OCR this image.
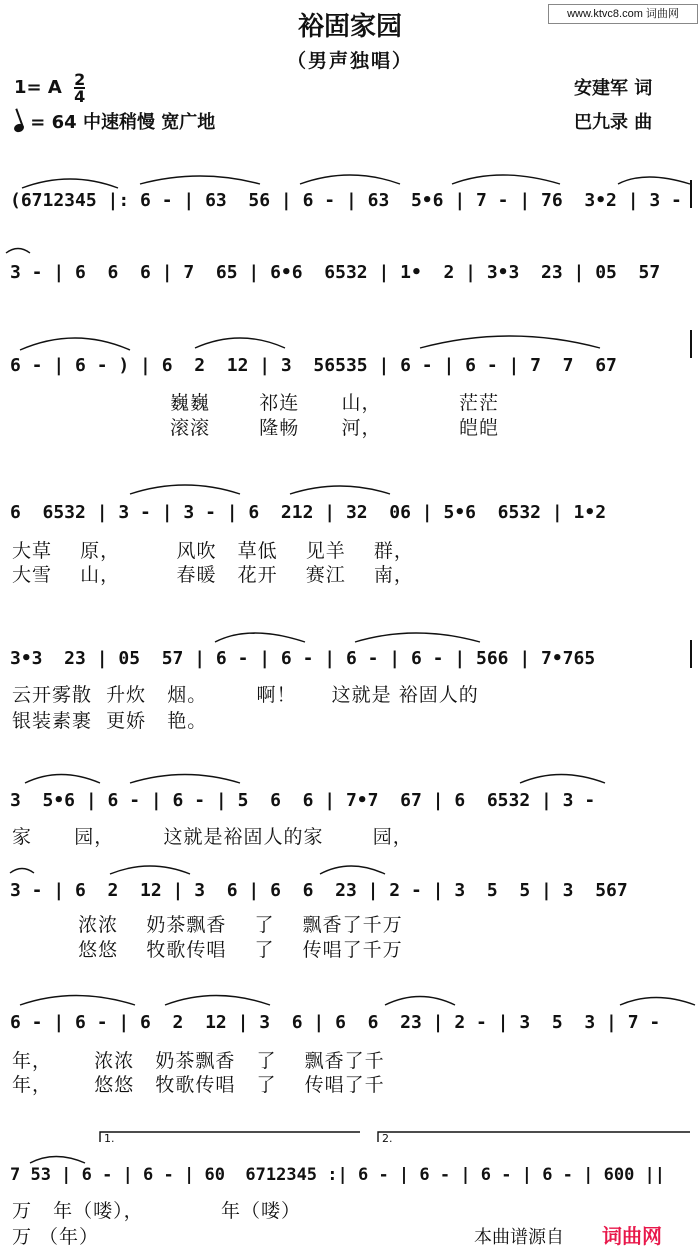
www.ktvc8.com 词曲网
裕固家园
（男声独唱）
1= A $\frac{2}{4}$	安建军 词
= 64 中速稍慢 宽广地	巴九录 曲
(6712345 |: 6 - | 63  56 | 6 - | 63  5•6 | 7 - | 76  3•2 | 3 -
3 - | 6  6  6 | 7  65 | 6•6  6532 | 1•  2 | 3•3  23 | 05  57
6 - | 6 - ) | 6  2  12 | 3  56535 | 6 - | 6 - | 7  7  67
巍巍       祁连      山，           茫茫
滚滚       隆畅      河，           皑皑
6  6532 | 3 - | 3 - | 6  212 | 32  06 | 5•6  6532 | 1•2
大草    原，        风吹   草低    见羊    群，
大雪    山，        春暖   花开    赛江    南，
3•3  23 | 05  57 | 6 - | 6 - | 6 - | 6 - | 566 | 7•765
云开雾散  升炊   烟。       啊！     这就是 裕固人的
银装素裹  更娇   艳。
3  5•6 | 6 - | 6 - | 5  6  6 | 7•7  67 | 6  6532 | 3 -
家      园，       这就是裕固人的家       园，
3 - | 6  2  12 | 3  6 | 6  6  23 | 2 - | 3  5  5 | 3  567
浓浓    奶茶飘香    了    飘香了千万
悠悠    牧歌传唱    了    传唱了千万
6 - | 6 - | 6  2  12 | 3  6 | 6  6  23 | 2 - | 3  5  3 | 7 -
年，      浓浓   奶茶飘香   了    飘香了千
年，      悠悠   牧歌传唱   了    传唱了千
1.	2.
7 53 | 6 - | 6 - | 60  6712345 :| 6 - | 6 - | 6 - | 6 - | 600 ||
万   年（喽），           年（喽）
万 （年）	本曲谱源自 词曲网
